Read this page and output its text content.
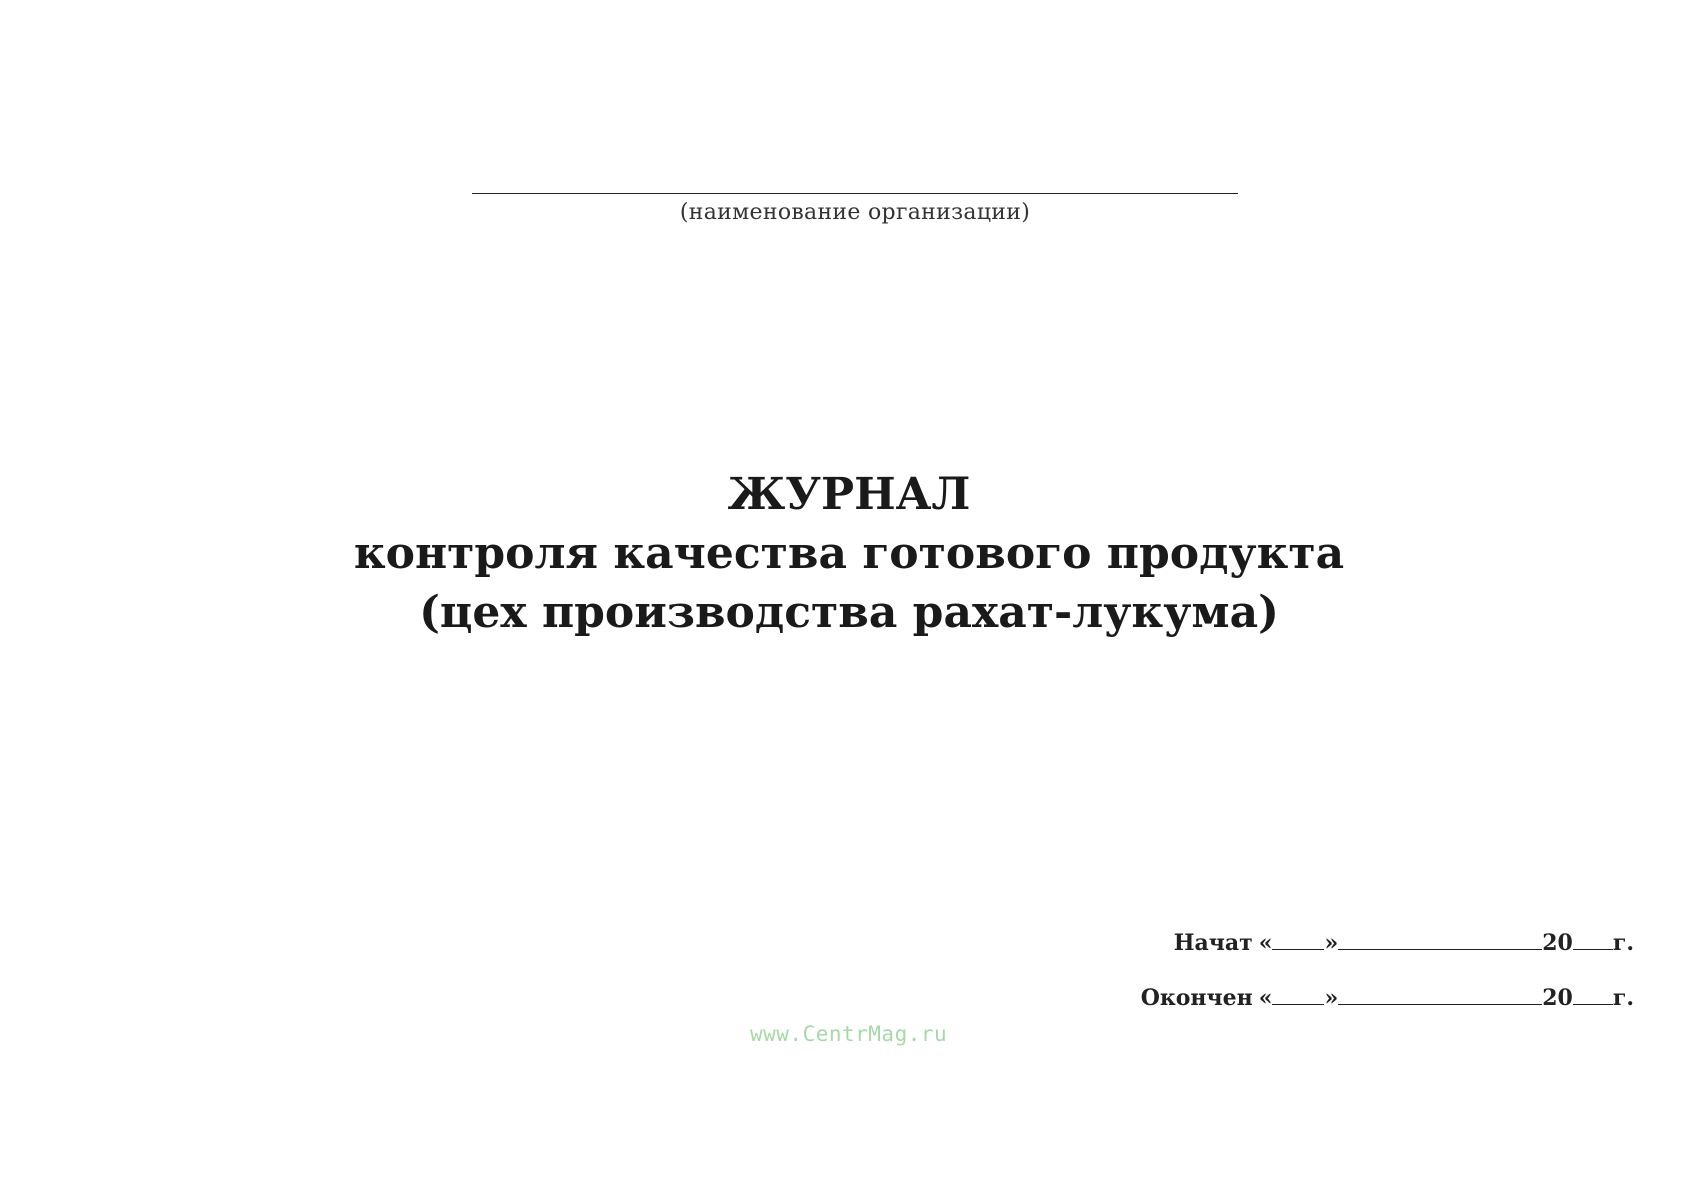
(наименование организации)
ЖУРНАЛ
контроля качества готового продукта
(цех производства рахат-лукума)
Начат « »	20 г.
Окончен « »	20 г.
www.CentrMag.ru
